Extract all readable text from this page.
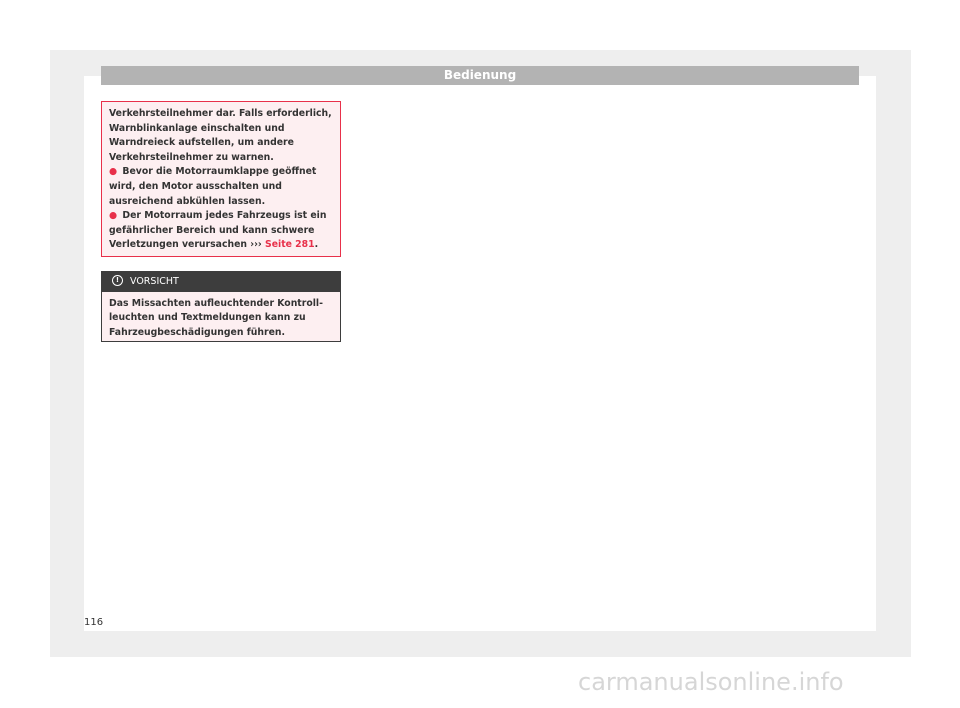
Bedienung

Verkehrsteilnehmer dar. Falls erforderlich, Warnblinkanlage einschalten und Warndreieck aufstellen, um andere Verkehrsteilnehmer zu warnen.

● Bevor die Motorraumklappe geöffnet wird, den Motor ausschalten und ausreichend abkühlen lassen.

● Der Motorraum jedes Fahrzeugs ist ein gefährlicher Bereich und kann schwere Verletzungen verursachen ››› Seite 281.

! VORSICHT
Das Missachten aufleuchtender Kontrollleuchten und Textmeldungen kann zu Fahrzeugbeschädigungen führen.
116
carmanualsonline.info
